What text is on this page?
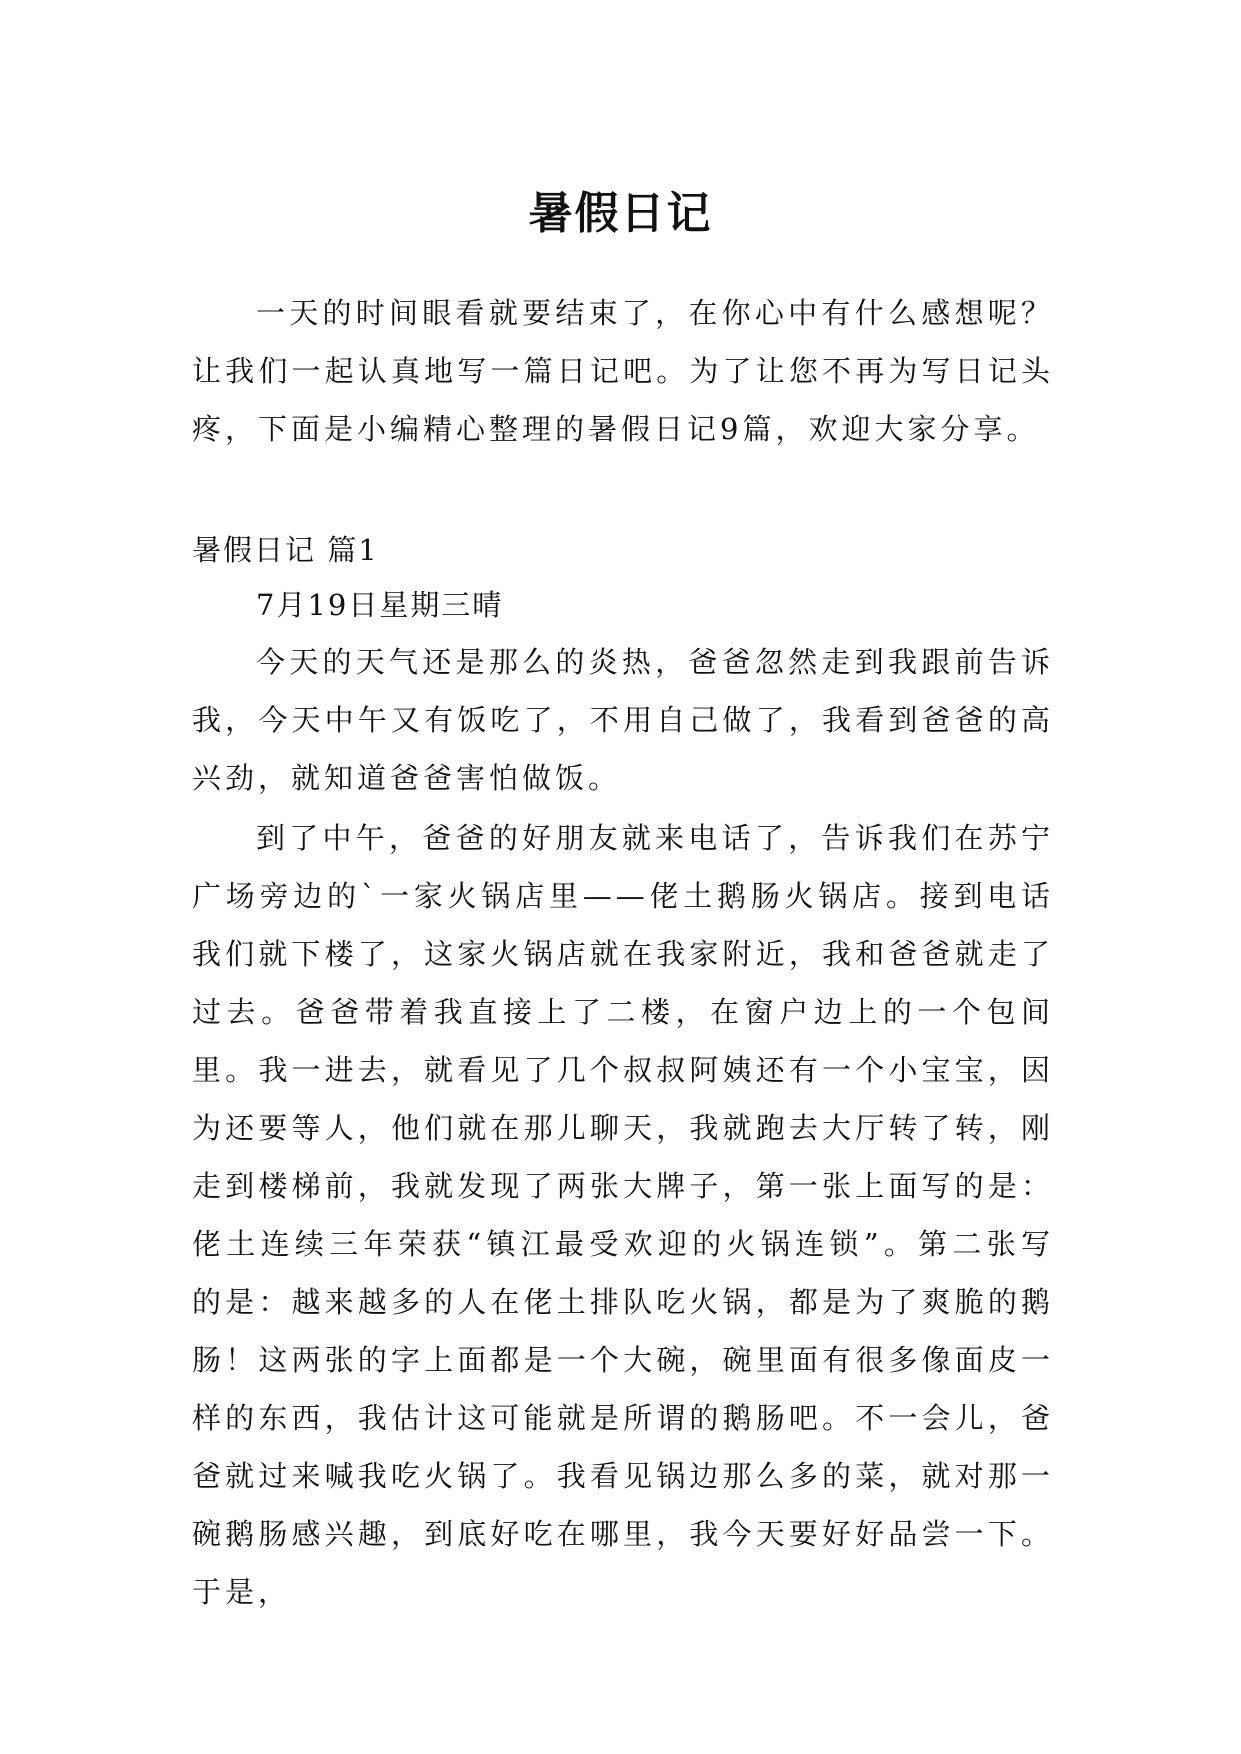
暑假日记

一天的时间眼看就要结束了，在你心中有什么感想呢？让我们一起认真地写一篇日记吧。为了让您不再为写日记头疼，下面是小编精心整理的暑假日记9篇，欢迎大家分享。

暑假日记 篇1

7月19日星期三晴

今天的天气还是那么的炎热，爸爸忽然走到我跟前告诉我，今天中午又有饭吃了，不用自己做了，我看到爸爸的高兴劲，就知道爸爸害怕做饭。

到了中午，爸爸的好朋友就来电话了，告诉我们在苏宁广场旁边的`一家火锅店里——佬土鹅肠火锅店。接到电话我们就下楼了，这家火锅店就在我家附近，我和爸爸就走了过去。爸爸带着我直接上了二楼，在窗户边上的一个包间里。我一进去，就看见了几个叔叔阿姨还有一个小宝宝，因为还要等人，他们就在那儿聊天，我就跑去大厅转了转，刚走到楼梯前，我就发现了两张大牌子，第一张上面写的是：佬土连续三年荣获“镇江最受欢迎的火锅连锁”。第二张写的是：越来越多的人在佬土排队吃火锅，都是为了爽脆的鹅肠！这两张的字上面都是一个大碗，碗里面有很多像面皮一样的东西，我估计这可能就是所谓的鹅肠吧。不一会儿，爸爸就过来喊我吃火锅了。我看见锅边那么多的菜，就对那一碗鹅肠感兴趣，到底好吃在哪里，我今天要好好品尝一下。于是，
